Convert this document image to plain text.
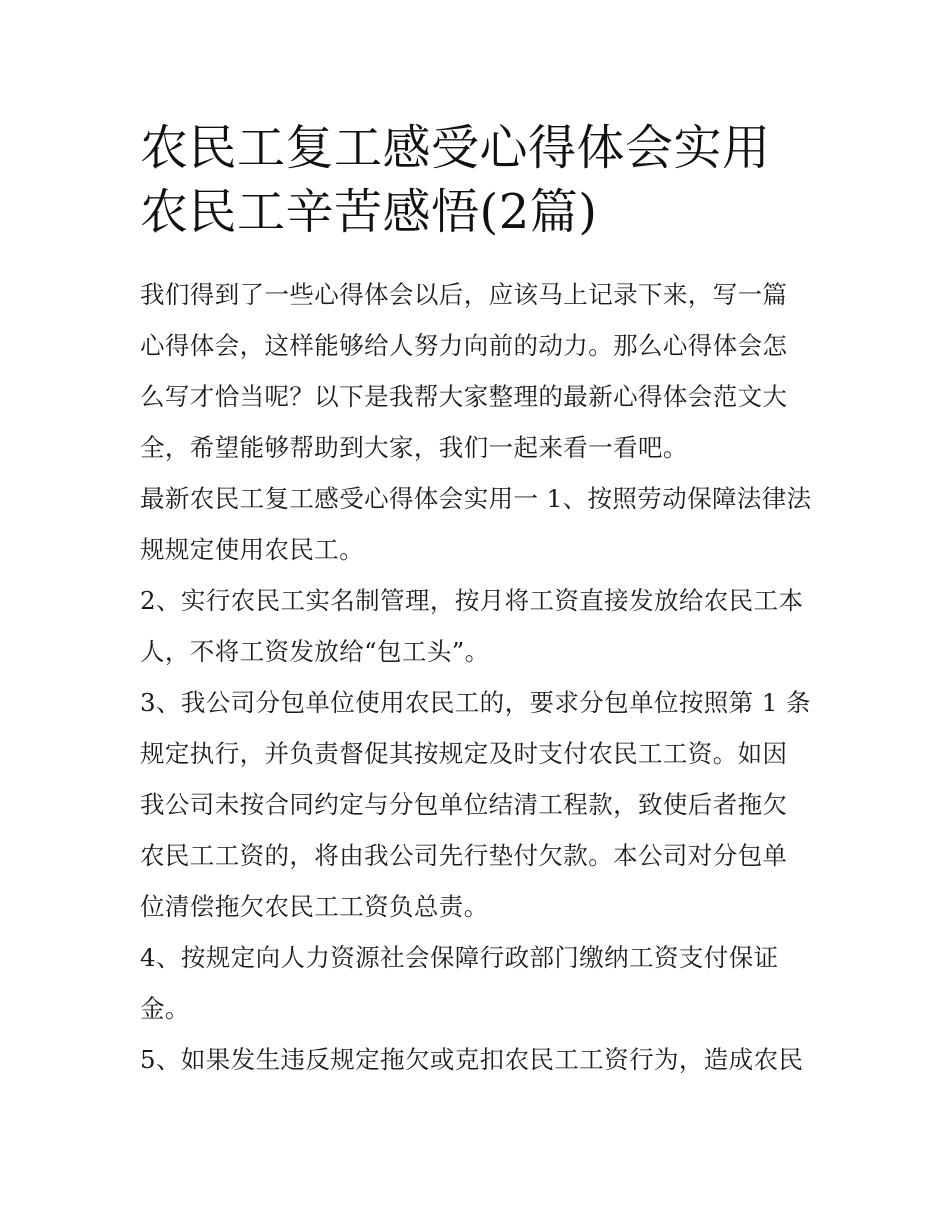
农民工复工感受心得体会实用
农民工辛苦感悟(2篇)

我们得到了一些心得体会以后，应该马上记录下来，写一篇心得体会，这样能够给人努力向前的动力。那么心得体会怎么写才恰当呢？以下是我帮大家整理的最新心得体会范文大全，希望能够帮助到大家，我们一起来看一看吧。

最新农民工复工感受心得体会实用一 1、按照劳动保障法律法规规定使用农民工。

2、实行农民工实名制管理，按月将工资直接发放给农民工本人，不将工资发放给“包工头”。

3、我公司分包单位使用农民工的，要求分包单位按照第 1 条规定执行，并负责督促其按规定及时支付农民工工资。如因我公司未按合同约定与分包单位结清工程款，致使后者拖欠农民工工资的，将由我公司先行垫付欠款。本公司对分包单位清偿拖欠农民工工资负总责。

4、按规定向人力资源社会保障行政部门缴纳工资支付保证金。

5、如果发生违反规定拖欠或克扣农民工工资行为，造成农民
